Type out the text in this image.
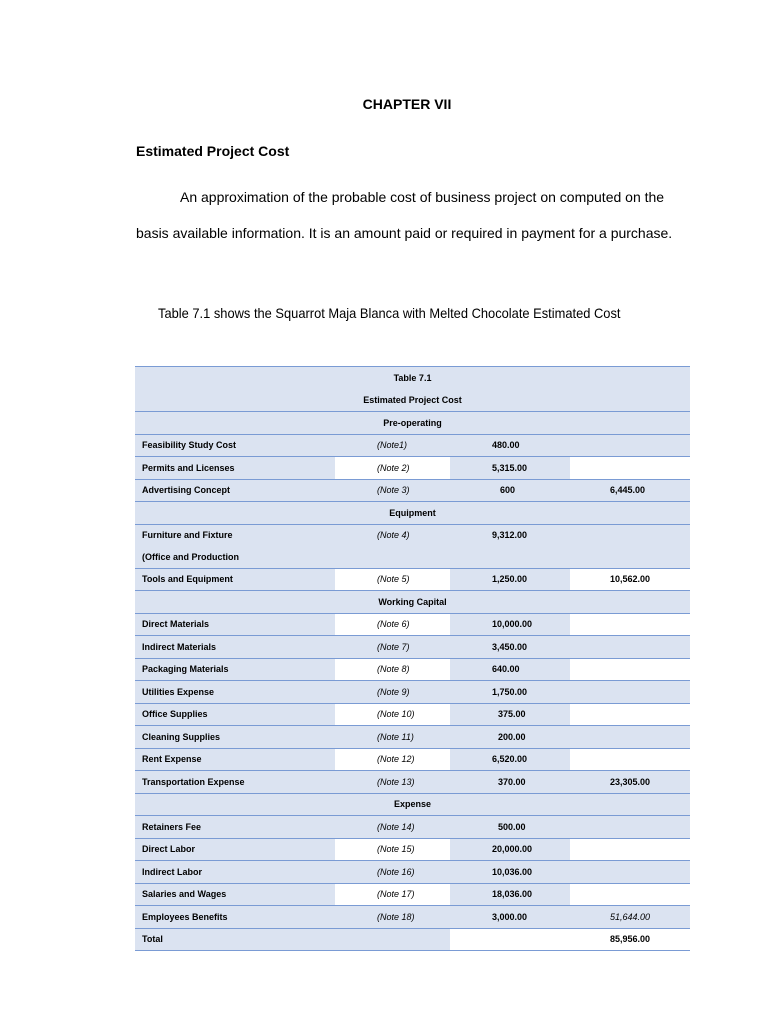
CHAPTER VII
Estimated Project Cost
An approximation of the probable cost of business project on computed on the basis available information. It is an amount paid or required in payment for a purchase.
Table 7.1 shows the Squarrot Maja Blanca with Melted Chocolate Estimated Cost
Table 7.1			
Estimated Project Cost			
Pre-operating			
Feasibility Study Cost	(Note1)	480.00	
Permits and Licenses	(Note 2)	5,315.00	
Advertising Concept	(Note 3)	600	6,445.00
Equipment			
Furniture and Fixture	(Note 4)	9,312.00	
(Office and Production			
Tools and Equipment	(Note 5)	1,250.00	10,562.00
Working Capital			
Direct Materials	(Note 6)	10,000.00	
Indirect Materials	(Note 7)	3,450.00	
Packaging Materials	(Note 8)	640.00	
Utilities Expense	(Note 9)	1,750.00	
Office Supplies	(Note 10)	375.00	
Cleaning Supplies	(Note 11)	200.00	
Rent Expense	(Note 12)	6,520.00	
Transportation Expense	(Note 13)	370.00	23,305.00
Expense			
Retainers Fee	(Note 14)	500.00	
Direct Labor	(Note 15)	20,000.00	
Indirect Labor	(Note 16)	10,036.00	
Salaries and Wages	(Note 17)	18,036.00	
Employees Benefits	(Note 18)	3,000.00	51,644.00
Total			85,956.00
